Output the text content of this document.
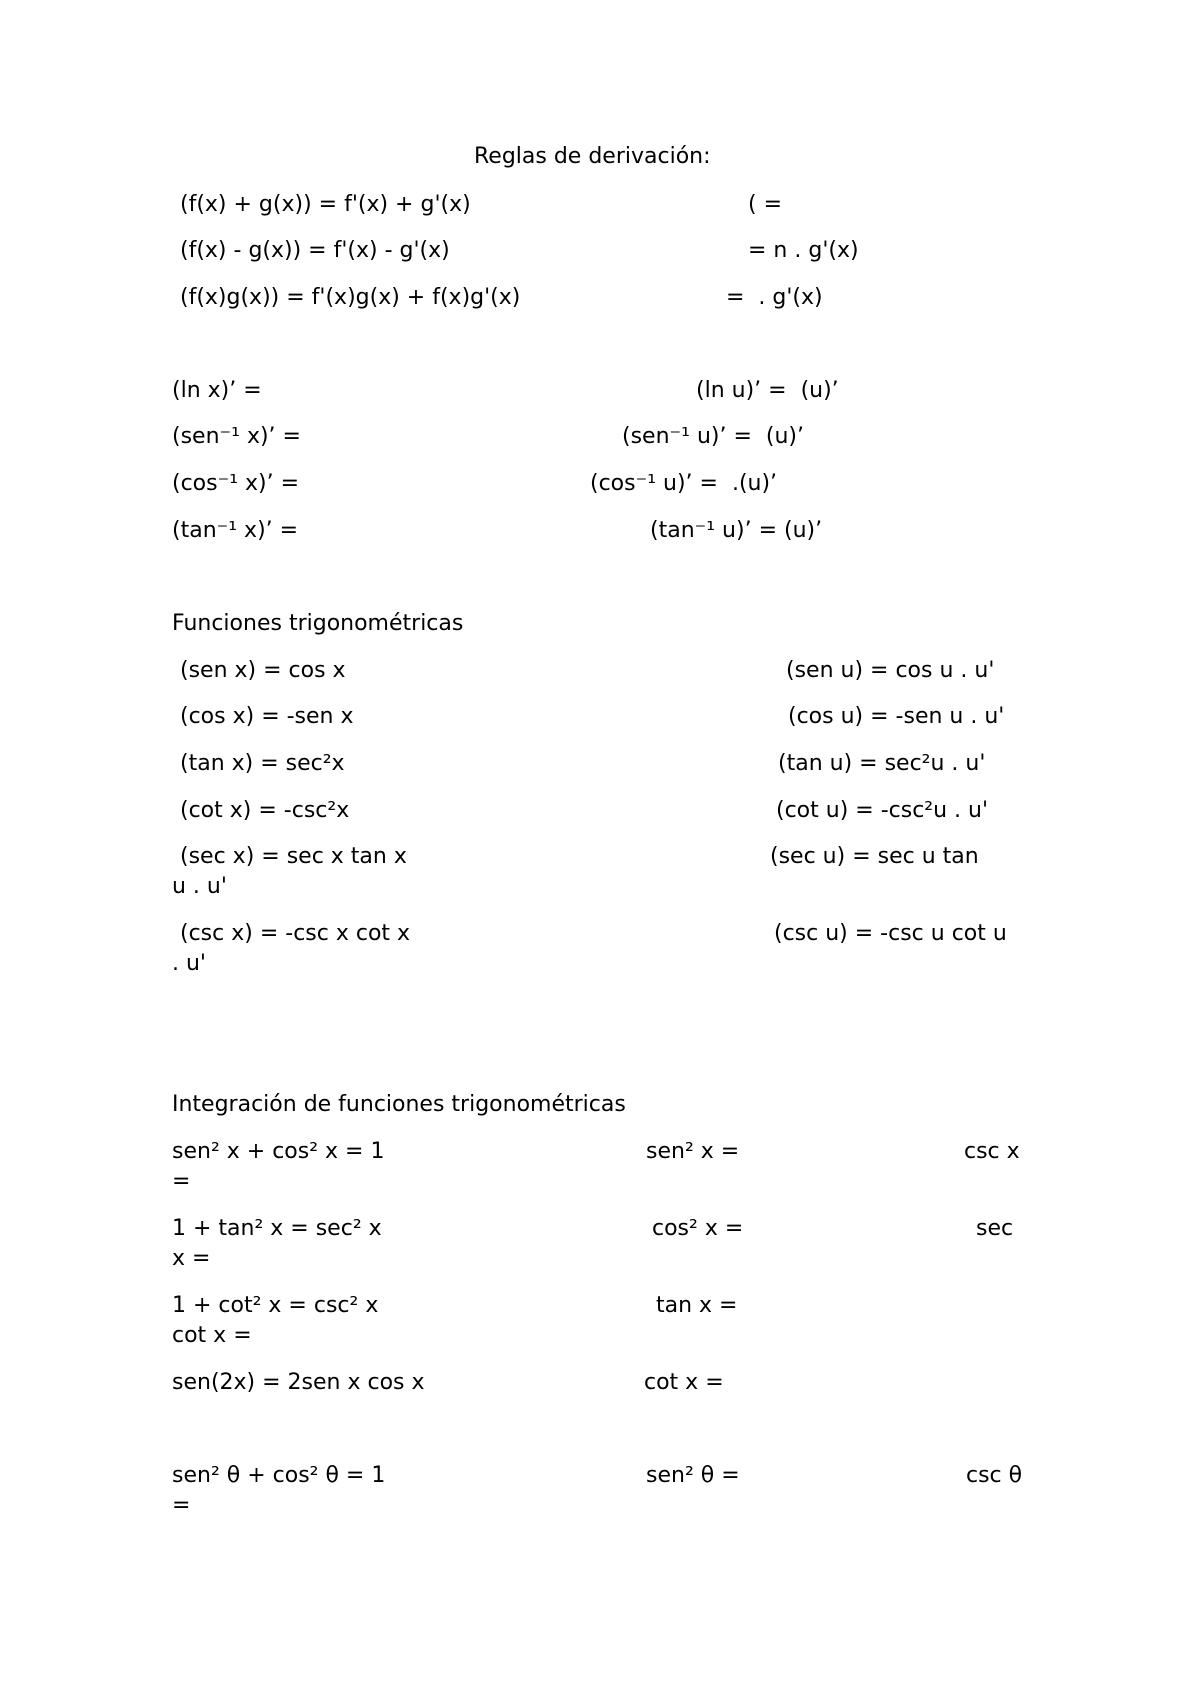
Reglas de derivación:
(f(x) + g(x)) = f'(x) + g'(x)	( =
(f(x) - g(x)) = f'(x) - g'(x)	= n . g'(x)
(f(x)g(x)) = f'(x)g(x) + f(x)g'(x)	=  . g'(x)
(ln x)’ =	(ln u)’ =  (u)’
(sen⁻¹ x)’ =	(sen⁻¹ u)’ =  (u)’
(cos⁻¹ x)’ =	(cos⁻¹ u)’ =  .(u)’
(tan⁻¹ x)’ =	(tan⁻¹ u)’ = (u)’
Funciones trigonométricas
(sen x) = cos x	(sen u) = cos u . u'
(cos x) = -sen x	(cos u) = -sen u . u'
(tan x) = sec²x	(tan u) = sec²u . u'
(cot x) = -csc²x	(cot u) = -csc²u . u'
(sec x) = sec x tan x	(sec u) = sec u tan
u . u'
(csc x) = -csc x cot x	(csc u) = -csc u cot u
. u'
Integración de funciones trigonométricas
sen² x + cos² x = 1	sen² x =	csc x
=
1 + tan² x = sec² x	cos² x =	sec
x =
1 + cot² x = csc² x	tan x =
cot x =
sen(2x) = 2sen x cos x	cot x =
sen² θ + cos² θ = 1	sen² θ =	csc θ
=
